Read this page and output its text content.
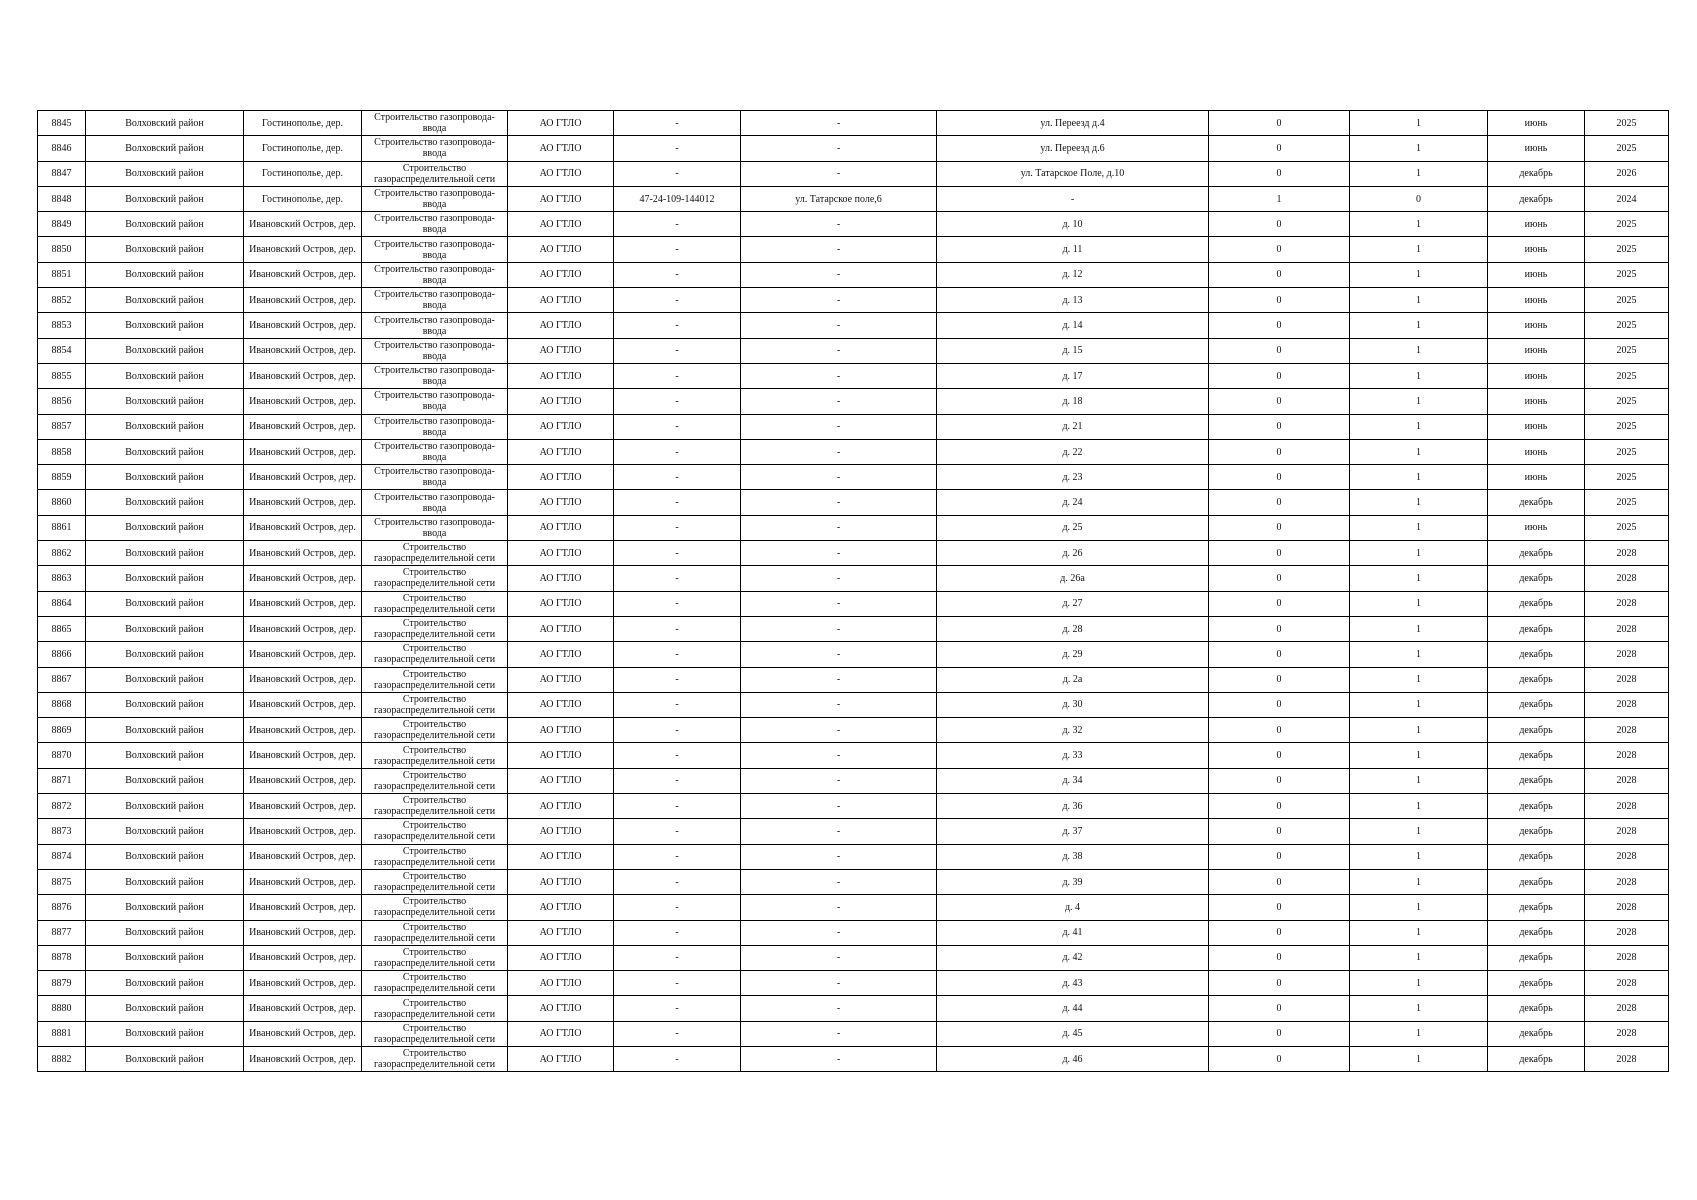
8845	Волховский район	Гостинополье, дер.	Строительство газопровода-ввода	АО ГТЛО	-	-	ул. Переезд д.4	0	1	июнь	2025
8846	Волховский район	Гостинополье, дер.	Строительство газопровода-ввода	АО ГТЛО	-	-	ул. Переезд д.6	0	1	июнь	2025
8847	Волховский район	Гостинополье, дер.	Строительство газораспределительной сети	АО ГТЛО	-	-	ул. Татарское Поле, д.10	0	1	декабрь	2026
8848	Волховский район	Гостинополье, дер.	Строительство газопровода-ввода	АО ГТЛО	47-24-109-144012	ул. Татарское поле,6	-	1	0	декабрь	2024
8849	Волховский район	Ивановский Остров, дер.	Строительство газопровода-ввода	АО ГТЛО	-	-	д. 10	0	1	июнь	2025
8850	Волховский район	Ивановский Остров, дер.	Строительство газопровода-ввода	АО ГТЛО	-	-	д. 11	0	1	июнь	2025
8851	Волховский район	Ивановский Остров, дер.	Строительство газопровода-ввода	АО ГТЛО	-	-	д. 12	0	1	июнь	2025
8852	Волховский район	Ивановский Остров, дер.	Строительство газопровода-ввода	АО ГТЛО	-	-	д. 13	0	1	июнь	2025
8853	Волховский район	Ивановский Остров, дер.	Строительство газопровода-ввода	АО ГТЛО	-	-	д. 14	0	1	июнь	2025
8854	Волховский район	Ивановский Остров, дер.	Строительство газопровода-ввода	АО ГТЛО	-	-	д. 15	0	1	июнь	2025
8855	Волховский район	Ивановский Остров, дер.	Строительство газопровода-ввода	АО ГТЛО	-	-	д. 17	0	1	июнь	2025
8856	Волховский район	Ивановский Остров, дер.	Строительство газопровода-ввода	АО ГТЛО	-	-	д. 18	0	1	июнь	2025
8857	Волховский район	Ивановский Остров, дер.	Строительство газопровода-ввода	АО ГТЛО	-	-	д. 21	0	1	июнь	2025
8858	Волховский район	Ивановский Остров, дер.	Строительство газопровода-ввода	АО ГТЛО	-	-	д. 22	0	1	июнь	2025
8859	Волховский район	Ивановский Остров, дер.	Строительство газопровода-ввода	АО ГТЛО	-	-	д. 23	0	1	июнь	2025
8860	Волховский район	Ивановский Остров, дер.	Строительство газопровода-ввода	АО ГТЛО	-	-	д. 24	0	1	декабрь	2025
8861	Волховский район	Ивановский Остров, дер.	Строительство газопровода-ввода	АО ГТЛО	-	-	д. 25	0	1	июнь	2025
8862	Волховский район	Ивановский Остров, дер.	Строительство газораспределительной сети	АО ГТЛО	-	-	д. 26	0	1	декабрь	2028
8863	Волховский район	Ивановский Остров, дер.	Строительство газораспределительной сети	АО ГТЛО	-	-	д. 26а	0	1	декабрь	2028
8864	Волховский район	Ивановский Остров, дер.	Строительство газораспределительной сети	АО ГТЛО	-	-	д. 27	0	1	декабрь	2028
8865	Волховский район	Ивановский Остров, дер.	Строительство газораспределительной сети	АО ГТЛО	-	-	д. 28	0	1	декабрь	2028
8866	Волховский район	Ивановский Остров, дер.	Строительство газораспределительной сети	АО ГТЛО	-	-	д. 29	0	1	декабрь	2028
8867	Волховский район	Ивановский Остров, дер.	Строительство газораспределительной сети	АО ГТЛО	-	-	д. 2а	0	1	декабрь	2028
8868	Волховский район	Ивановский Остров, дер.	Строительство газораспределительной сети	АО ГТЛО	-	-	д. 30	0	1	декабрь	2028
8869	Волховский район	Ивановский Остров, дер.	Строительство газораспределительной сети	АО ГТЛО	-	-	д. 32	0	1	декабрь	2028
8870	Волховский район	Ивановский Остров, дер.	Строительство газораспределительной сети	АО ГТЛО	-	-	д. 33	0	1	декабрь	2028
8871	Волховский район	Ивановский Остров, дер.	Строительство газораспределительной сети	АО ГТЛО	-	-	д. 34	0	1	декабрь	2028
8872	Волховский район	Ивановский Остров, дер.	Строительство газораспределительной сети	АО ГТЛО	-	-	д. 36	0	1	декабрь	2028
8873	Волховский район	Ивановский Остров, дер.	Строительство газораспределительной сети	АО ГТЛО	-	-	д. 37	0	1	декабрь	2028
8874	Волховский район	Ивановский Остров, дер.	Строительство газораспределительной сети	АО ГТЛО	-	-	д. 38	0	1	декабрь	2028
8875	Волховский район	Ивановский Остров, дер.	Строительство газораспределительной сети	АО ГТЛО	-	-	д. 39	0	1	декабрь	2028
8876	Волховский район	Ивановский Остров, дер.	Строительство газораспределительной сети	АО ГТЛО	-	-	д. 4	0	1	декабрь	2028
8877	Волховский район	Ивановский Остров, дер.	Строительство газораспределительной сети	АО ГТЛО	-	-	д. 41	0	1	декабрь	2028
8878	Волховский район	Ивановский Остров, дер.	Строительство газораспределительной сети	АО ГТЛО	-	-	д. 42	0	1	декабрь	2028
8879	Волховский район	Ивановский Остров, дер.	Строительство газораспределительной сети	АО ГТЛО	-	-	д. 43	0	1	декабрь	2028
8880	Волховский район	Ивановский Остров, дер.	Строительство газораспределительной сети	АО ГТЛО	-	-	д. 44	0	1	декабрь	2028
8881	Волховский район	Ивановский Остров, дер.	Строительство газораспределительной сети	АО ГТЛО	-	-	д. 45	0	1	декабрь	2028
8882	Волховский район	Ивановский Остров, дер.	Строительство газораспределительной сети	АО ГТЛО	-	-	д. 46	0	1	декабрь	2028
